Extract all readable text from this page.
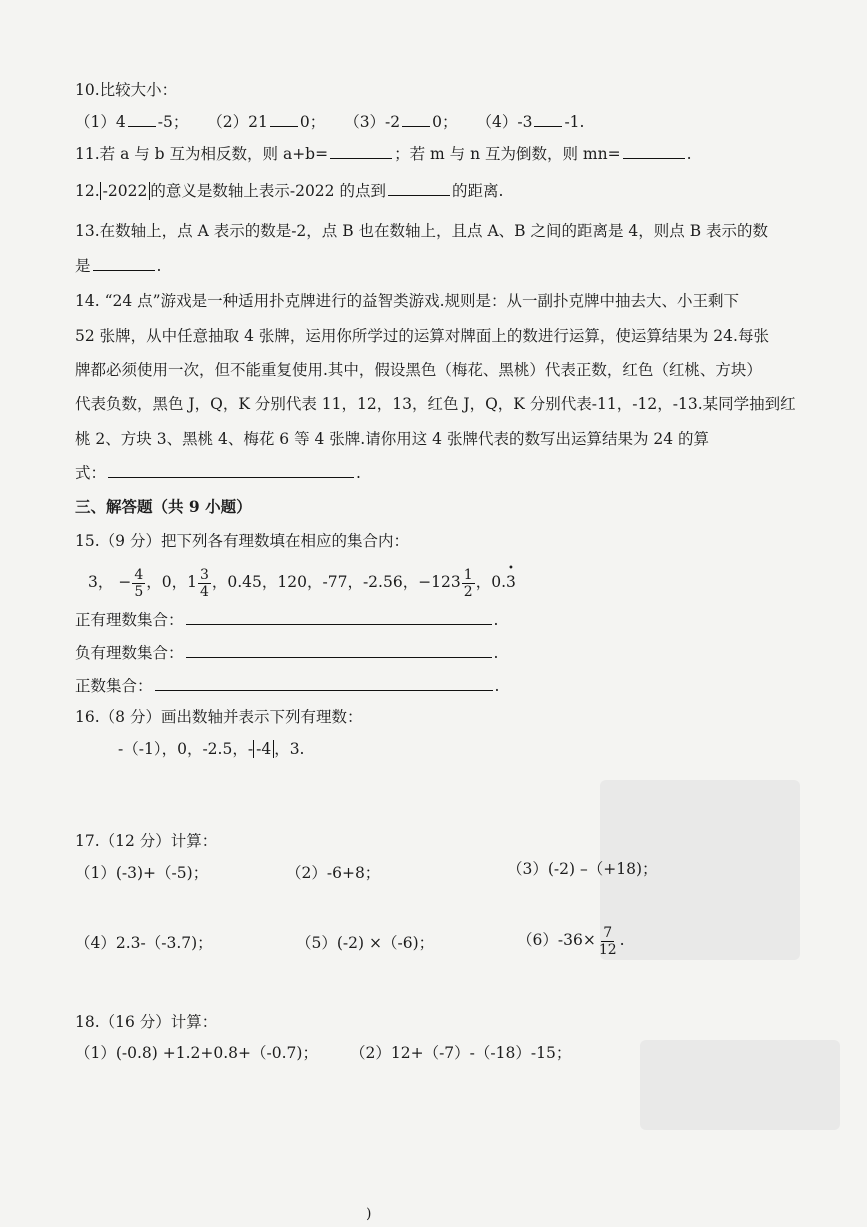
10.比较大小：
（1）4 -5； （2）21 0； （3）-2 0； （4）-3 -1.
11.若 a 与 b 互为相反数，则 a+b=	；若 m 与 n 互为倒数，则 mn=	.
12. -2022 的意义是数轴上表示-2022 的点到	的距离.
13.在数轴上，点 A 表示的数是-2，点 B 也在数轴上，且点 A、B 之间的距离是 4，则点 B 表示的数
是	.
14. “24 点”游戏是一种适用扑克牌进行的益智类游戏.规则是：从一副扑克牌中抽去大、小王剩下
52 张牌，从中任意抽取 4 张牌，运用你所学过的运算对牌面上的数进行运算，使运算结果为 24.每张
牌都必须使用一次，但不能重复使用.其中，假设黑色（梅花、黑桃）代表正数，红色（红桃、方块）
代表负数，黑色 J，Q，K 分别代表 11，12，13，红色 J，Q，K 分别代表-11，-12，-13.某同学抽到红
桃 2、方块 3、黑桃 4、梅花 6 等 4 张牌.请你用这 4 张牌代表的数写出运算结果为 24 的算
式：	.
三、解答题（共 9 小题）
15.（9 分）把下列各有理数填在相应的集合内：
3， − $\frac{4}{5}$ ，0，$1 \frac{3}{4}$ ，0.45，120，-77，-2.56，$-123 \frac{1}{2}$ ，0.3 •
正有理数集合：	.
负有理数集合：	.
正数集合：	.
16.（8 分）画出数轴并表示下列有理数：
-（-1），0，-2.5，- -4 ，3.
17.（12 分）计算：
（1）(-3)+（-5)；	（2）-6+8；	（3）(-2) –（+18)；
（4）2.3-（-3.7)；	（5）(-2) ×（-6)；	$(6)-36\times \frac{7}{12}$ .
18.（16 分）计算：
（1）(-0.8) +1.2+0.8+（-0.7)； （2）12+（-7）-（-18）-15；
)
